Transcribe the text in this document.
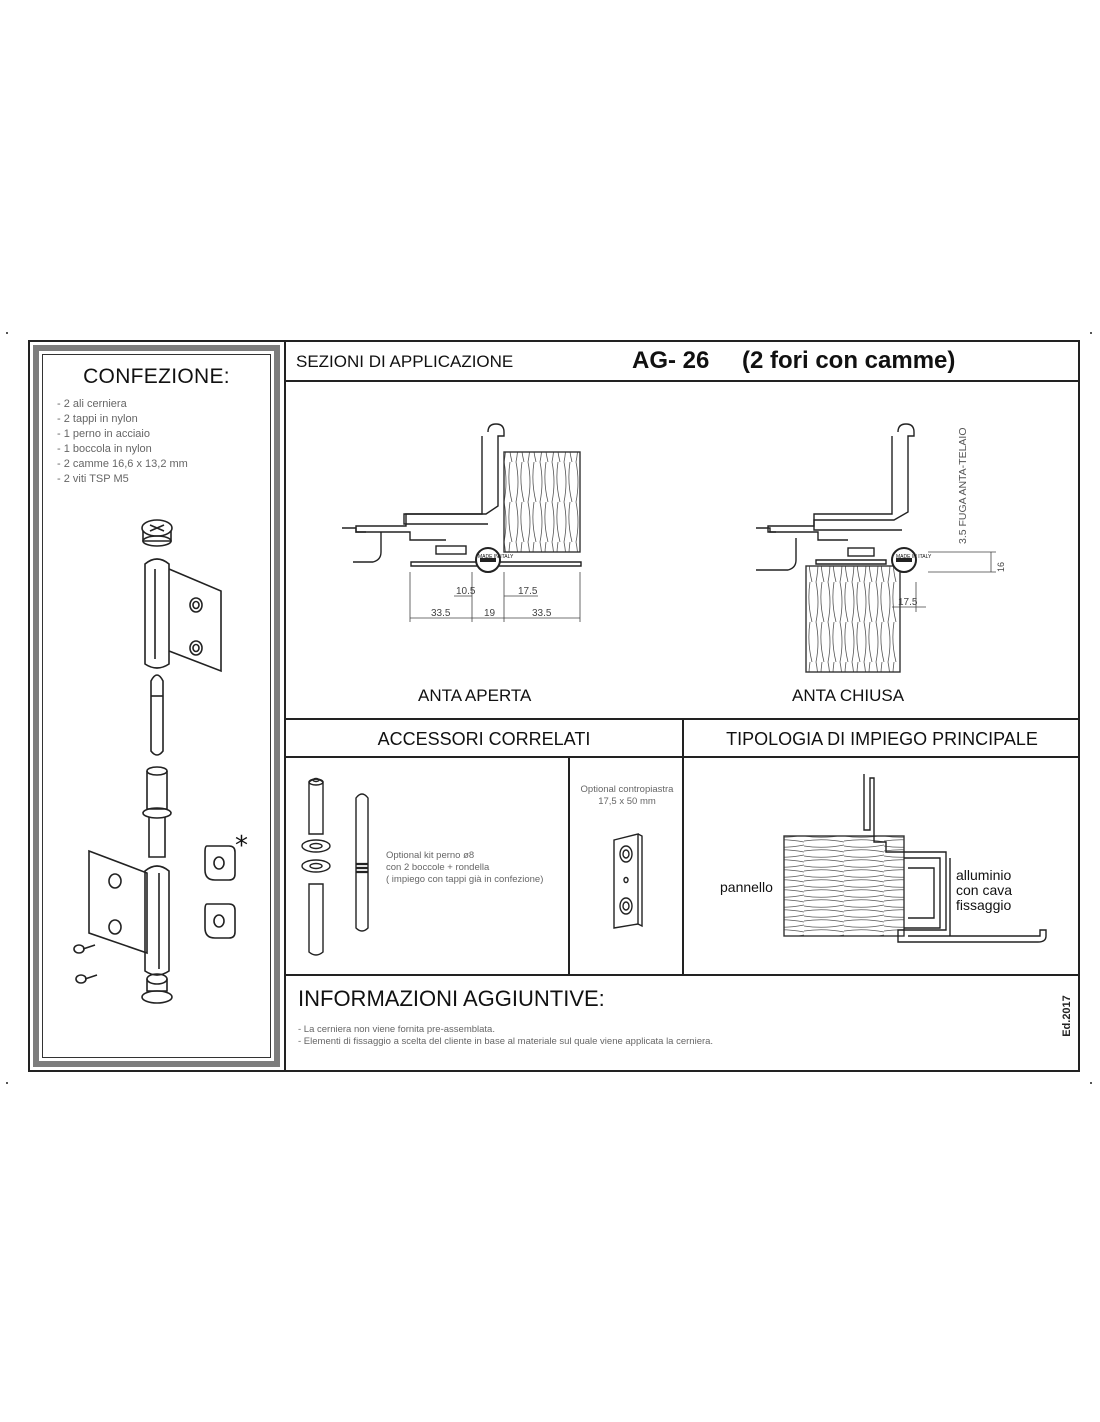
CONFEZIONE:
- 2 ali cerniera
- 2 tappi in nylon
- 1 perno in acciaio
- 1 boccola in nylon
- 2 camme 16,6 x 13,2 mm
- 2 viti TSP M5
*
SEZIONI DI APPLICAZIONE	AG- 26 (2 fori con camme)
10.5	17.5
33.5	19	33.5
MADE IN ITALY
16
17.5
MADE IN ITALY
3.5 FUGA ANTA-TELAIO
ANTA APERTA	ANTA CHIUSA
ACCESSORI CORRELATI	TIPOLOGIA DI IMPIEGO PRINCIPALE
Optional kit perno ø8
con 2 boccole + rondella
( impiego con tappi già in confezione)
Optional contropiastra
17,5 x 50 mm
pannello
alluminio
con cava
fissaggio
INFORMAZIONI AGGIUNTIVE:
- La cerniera non viene fornita pre-assemblata.
- Elementi di fissaggio a scelta del cliente in base al materiale sul quale viene applicata la cerniera.
Ed.2017
